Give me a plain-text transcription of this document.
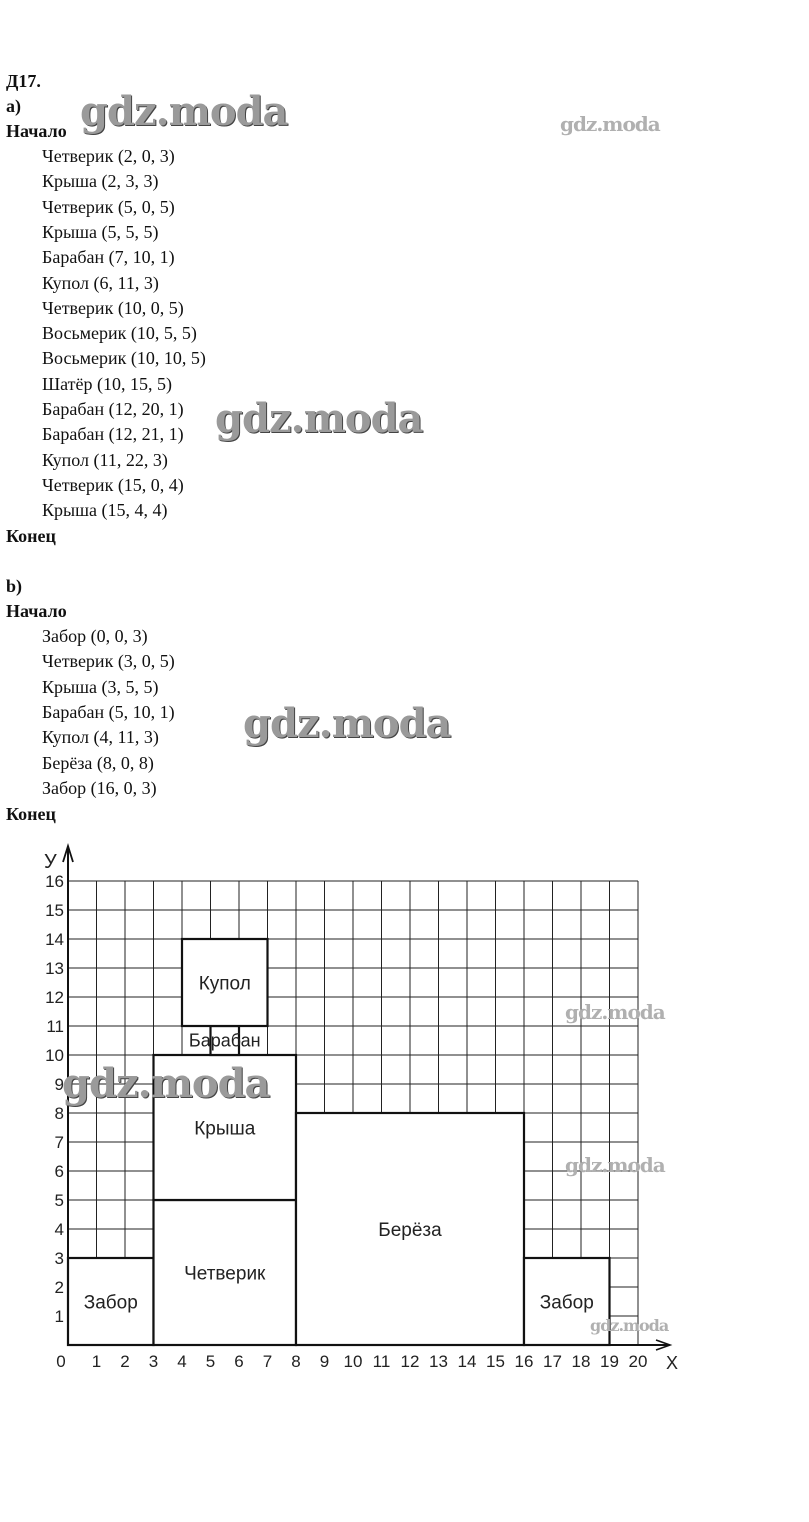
Д17.
a)
Начало
Четверик (2, 0, 3)
Крыша (2, 3, 3)
Четверик (5, 0, 5)
Крыша (5, 5, 5)
Барабан (7, 10, 1)
Купол (6, 11, 3)
Четверик (10, 0, 5)
Восьмерик (10, 5, 5)
Восьмерик (10, 10, 5)
Шатёр (10, 15, 5)
Барабан (12, 20, 1)
Барабан (12, 21, 1)
Купол (11, 22, 3)
Четверик (15, 0, 4)
Крыша (15, 4, 4)
Конец
b)
Начало
Забор (0, 0, 3)
Четверик (3, 0, 5)
Крыша (3, 5, 5)
Барабан (5, 10, 1)
Купол (4, 11, 3)
Берёза (8, 0, 8)
Забор (16, 0, 3)
Конец
gdz.moda	gdz.moda
gdz.moda
gdz.moda
Забор
Четверик
Крыша
Барабан
Купол
Берёза
Забор
У
X
0 1 2 3 4 5 6 7 8 9 10 11 12 13 14 15 16 17 18 19 20
1
2
3
4
5
6
7
8
9
10
11
12
13
14
15
16
gdz.moda
gdz.moda
gdz.moda
gdz.moda
